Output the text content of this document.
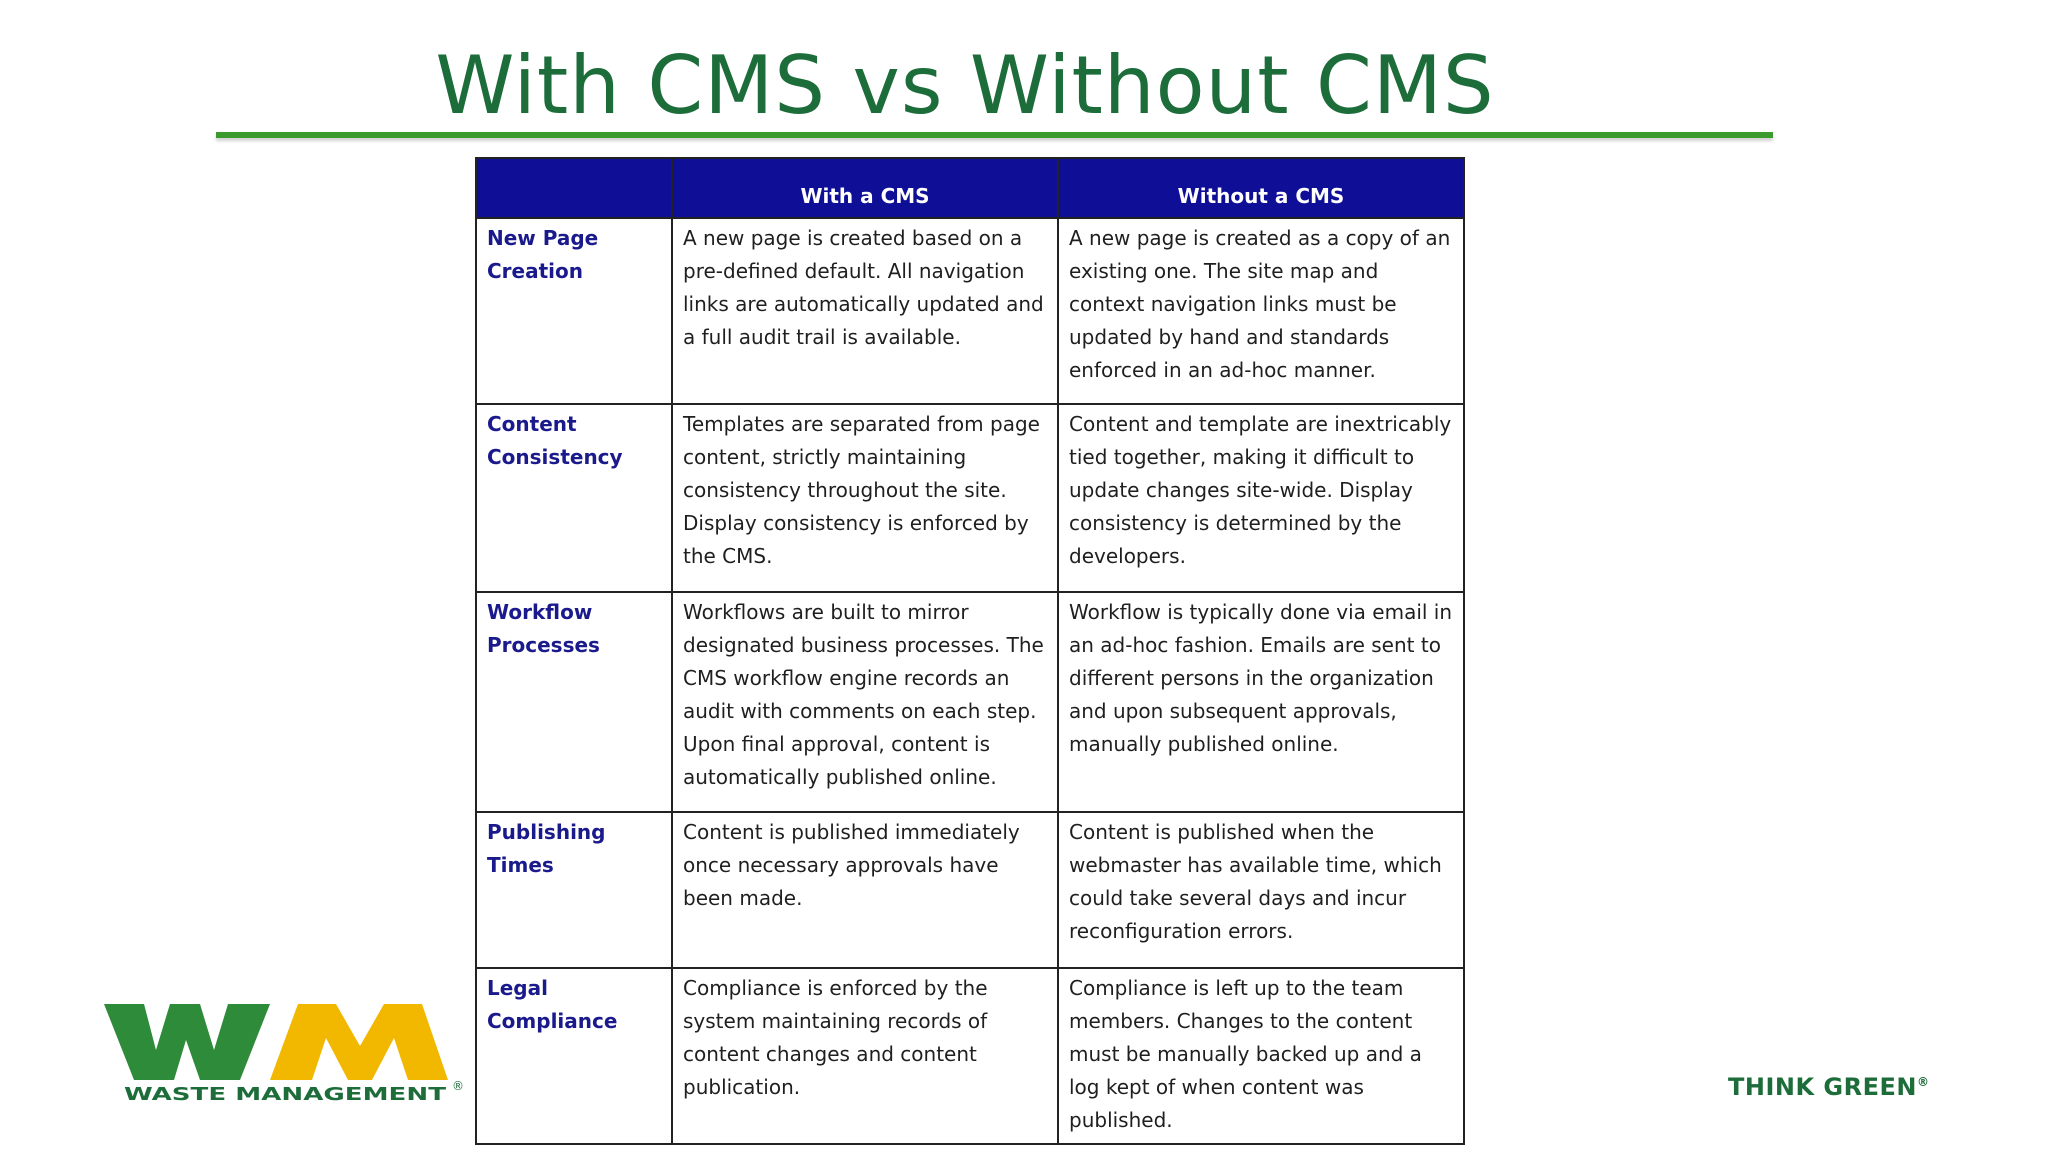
With CMS vs Without CMS
	With a CMS	Without a CMS
New Page Creation	A new page is created based on a pre-defined default. All navigation links are automatically updated and a full audit trail is available.	A new page is created as a copy of an existing one. The site map and context navigation links must be updated by hand and standards enforced in an ad-hoc manner.
Content Consistency	Templates are separated from page content, strictly maintaining consistency throughout the site. Display consistency is enforced by the CMS.	Content and template are inextricably tied together, making it difficult to update changes site-wide. Display consistency is determined by the developers.
Workflow Processes	Workflows are built to mirror designated business processes. The CMS workflow engine records an audit with comments on each step. Upon final approval, content is automatically published online.	Workflow is typically done via email in an ad-hoc fashion. Emails are sent to different persons in the organization and upon subsequent approvals, manually published online.
Publishing Times	Content is published immediately once necessary approvals have been made.	Content is published when the webmaster has available time, which could take several days and incur reconfiguration errors.
Legal Compliance	Compliance is enforced by the system maintaining records of content changes and content publication.	Compliance is left up to the team members. Changes to the content must be manually backed up and a log kept of when content was published.
WASTE MANAGEMENT ®	THINK GREEN®
